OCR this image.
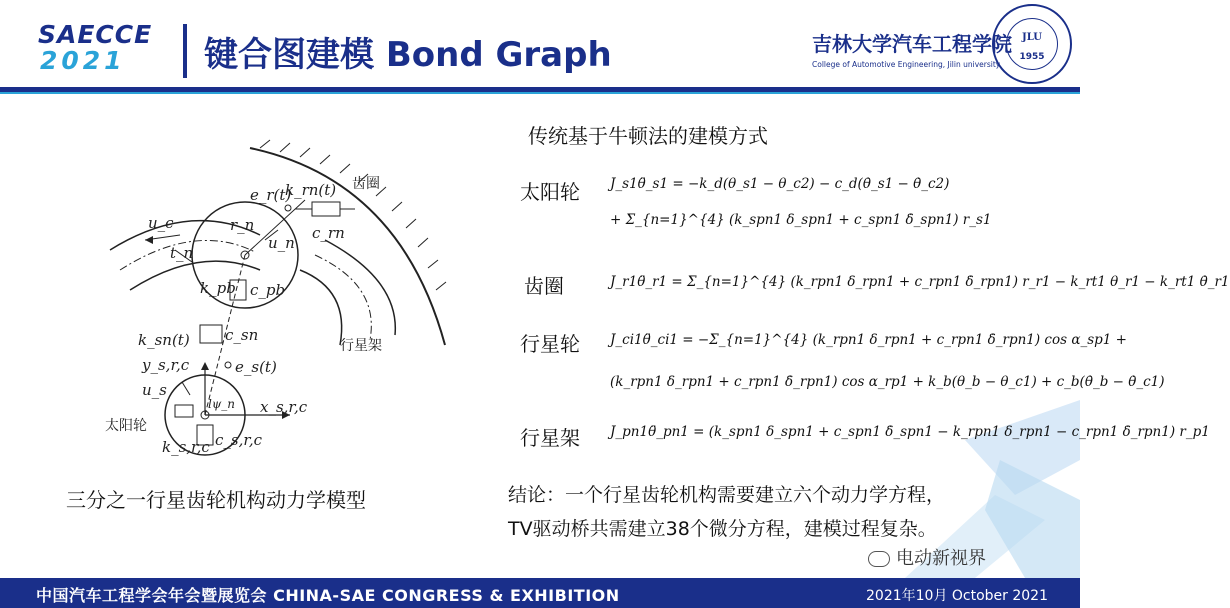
SAECCE
2021	键合图建模 Bond Graph	吉林大学汽车工程学院
College of Automotive Engineering, Jilin university
JLU
1955
齿圈
行星架
太阳轮
e_r(t)
k_rn(t)
c_rn
r_n
u_n
u_c
t_n
k_pb c_pb
k_sn(t) c_sn
e_s(t)
u_s
y_s,r,c
lψ_n x_s,r,c
k_s,r,c c_s,r,c
三分之一行星齿轮机构动力学模型
传统基于牛顿法的建模方式
太阳轮 J_s1θ̈_s1 = −k_d(θ_s1 − θ_c2) − c_d(θ̇_s1 − θ̇_c2)
+ Σ_{n=1}^{4} (k_spn1 δ_spn1 + c_spn1 δ̇_spn1) r_s1
齿圈	J_r1θ̈_r1 = Σ_{n=1}^{4} (k_rpn1 δ_rpn1 + c_rpn1 δ̇_rpn1) r_r1 − k_rt1 θ_r1 − k_rt1 θ̇_r1
行星轮 J_ci1θ̈_ci1 = −Σ_{n=1}^{4} (k_rpn1 δ_rpn1 + c_rpn1 δ̇_rpn1) cos α_sp1 +
(k_rpn1 δ_rpn1 + c_rpn1 δ̇_rpn1) cos α_rp1 + k_b(θ_b − θ_c1) + c_b(θ̇_b − θ̇_c1)
行星架 J_pn1θ̈_pn1 = (k_spn1 δ_spn1 + c_spn1 δ̇_spn1 − k_rpn1 δ_rpn1 − c_rpn1 δ̇_rpn1) r_p1
结论：一个行星齿轮机构需要建立六个动力学方程，
TV驱动桥共需建立38个微分方程，建模过程复杂。
电动新视界
中国汽车工程学会年会暨展览会 CHINA-SAE CONGRESS & EXHIBITION	2021年10月 October 2021
